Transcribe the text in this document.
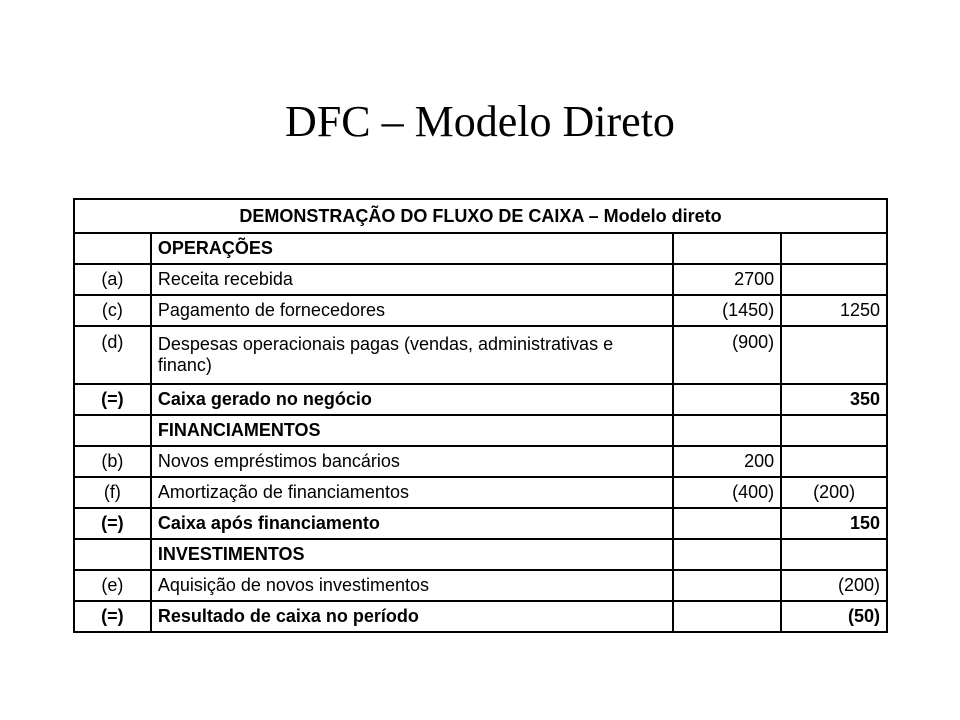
DFC – Modelo Direto
DEMONSTRAÇÃO DO FLUXO DE CAIXA – Modelo direto			
	OPERAÇÕES		
(a)	Receita recebida	2700	
(c)	Pagamento de fornecedores	(1450)	1250
(d)	Despesas operacionais pagas (vendas, administrativas e financ)	(900)	
(=)	Caixa gerado no negócio		350
	FINANCIAMENTOS		
(b)	Novos empréstimos bancários	200	
(f)	Amortização de financiamentos	(400)	(200)
(=)	Caixa após financiamento		150
	INVESTIMENTOS		
(e)	Aquisição de novos investimentos		(200)
(=)	Resultado de caixa no período		(50)
